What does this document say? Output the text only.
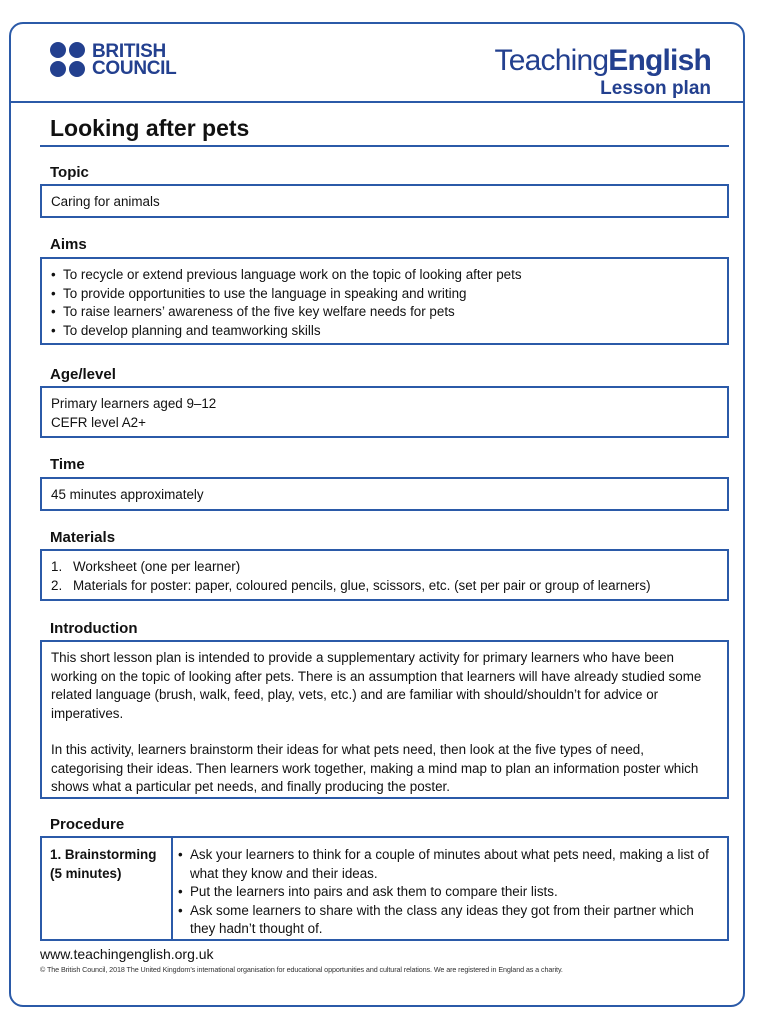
BRITISH
COUNCIL	TeachingEnglish
Lesson plan
Looking after pets
Topic

Caring for animals

Aims
• To recycle or extend previous language work on the topic of looking after pets
• To provide opportunities to use the language in speaking and writing
• To raise learners’ awareness of the five key welfare needs for pets
• To develop planning and teamworking skills
Age/level

Primary learners aged 9–12

CEFR level A2+

Time

45 minutes approximately

Materials
1. Worksheet (one per learner)
2. Materials for poster: paper, coloured pencils, glue, scissors, etc. (set per pair or group of learners)
Introduction

This short lesson plan is intended to provide a supplementary activity for primary learners who have been working on the topic of looking after pets. There is an assumption that learners will have already studied some related language (brush, walk, feed, play, vets, etc.) and are familiar with should/shouldn’t for advice or imperatives.

In this activity, learners brainstorm their ideas for what pets need, then look at the five types of need, categorising their ideas. Then learners work together, making a mind map to plan an information poster which shows what a particular pet needs, and finally producing the poster.

Procedure
1. Brainstorming
(5 minutes)
• Ask your learners to think for a couple of minutes about what pets need, making a list of what they know and their ideas.
• Put the learners into pairs and ask them to compare their lists.
• Ask some learners to share with the class any ideas they got from their partner which they hadn’t thought of.
www.teachingenglish.org.uk
© The British Council, 2018 The United Kingdom’s international organisation for educational opportunities and cultural relations. We are registered in England as a charity.
